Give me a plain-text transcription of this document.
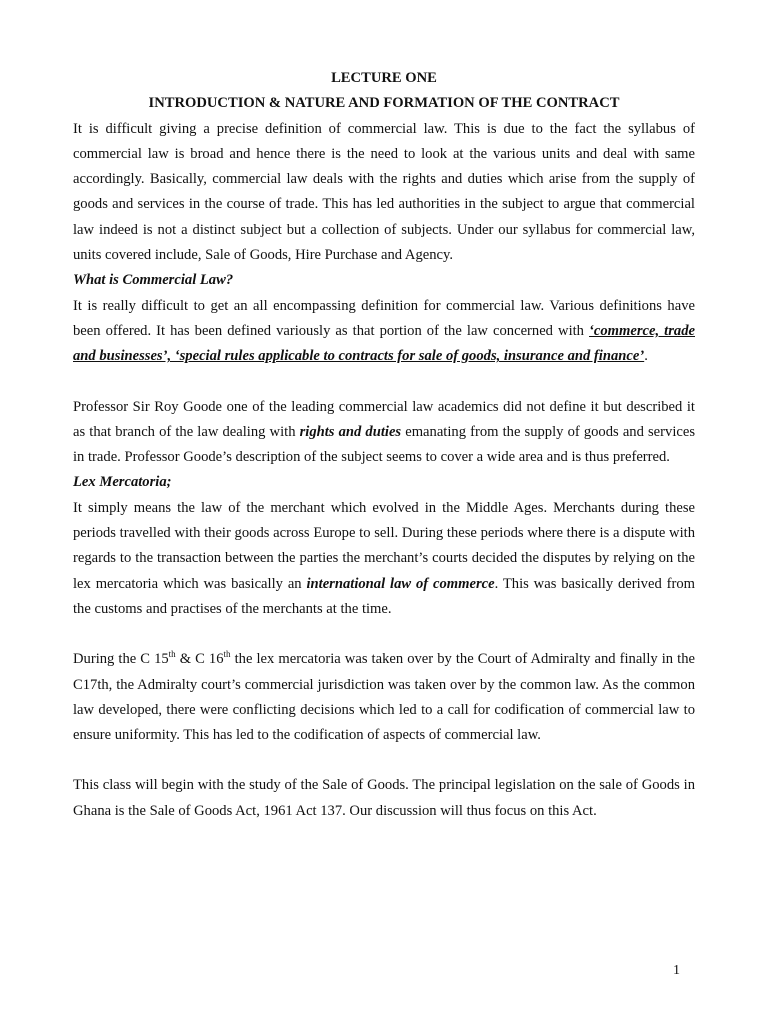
LECTURE ONE
INTRODUCTION & NATURE AND FORMATION OF THE CONTRACT

It is difficult giving a precise definition of commercial law. This is due to the fact the syllabus of commercial law is broad and hence there is the need to look at the various units and deal with same accordingly. Basically, commercial law deals with the rights and duties which arise from the supply of goods and services in the course of trade. This has led authorities in the subject to argue that commercial law indeed is not a distinct subject but a collection of subjects. Under our syllabus for commercial law, units covered include, Sale of Goods, Hire Purchase and Agency.

What is Commercial Law?

It is really difficult to get an all encompassing definition for commercial law. Various definitions have been offered. It has been defined variously as that portion of the law concerned with ‘commerce, trade and businesses’, ‘special rules applicable to contracts for sale of goods, insurance and finance’.

Professor Sir Roy Goode one of the leading commercial law academics did not define it but described it as that branch of the law dealing with rights and duties emanating from the supply of goods and services in trade. Professor Goode’s description of the subject seems to cover a wide area and is thus preferred.

Lex Mercatoria;

It simply means the law of the merchant which evolved in the Middle Ages. Merchants during these periods travelled with their goods across Europe to sell. During these periods where there is a dispute with regards to the transaction between the parties the merchant’s courts decided the disputes by relying on the lex mercatoria which was basically an international law of commerce. This was basically derived from the customs and practises of the merchants at the time.

During the C 15th & C 16th the lex mercatoria was taken over by the Court of Admiralty and finally in the C17th, the Admiralty court’s commercial jurisdiction was taken over by the common law. As the common law developed, there were conflicting decisions which led to a call for codification of commercial law to ensure uniformity. This has led to the codification of aspects of commercial law.

This class will begin with the study of the Sale of Goods. The principal legislation on the sale of Goods in Ghana is the Sale of Goods Act, 1961 Act 137. Our discussion will thus focus on this Act.

1
